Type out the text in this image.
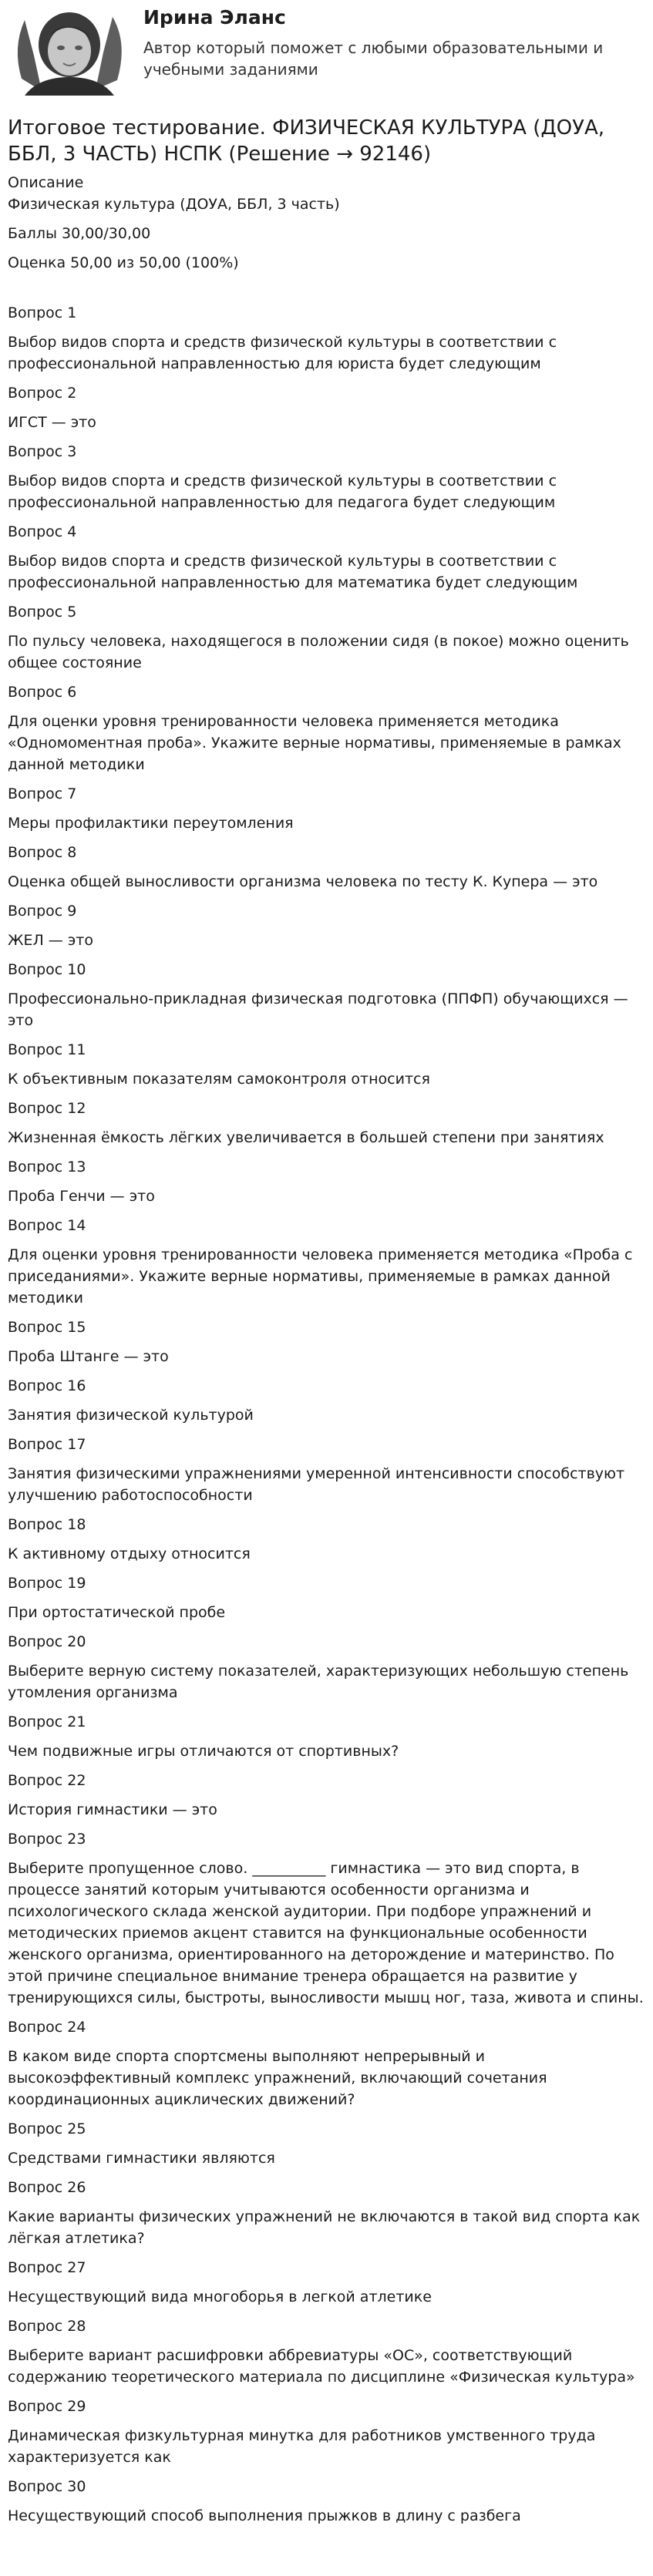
Ирина Эланс
Автор который поможет с любыми образовательными и учебными заданиями
Итоговое тестирование. ФИЗИЧЕСКАЯ КУЛЬТУРА (ДОУА, ББЛ, 3 ЧАСТЬ) НСПК (Решение → 92146)
Описание
Физическая культура (ДОУА, ББЛ, 3 часть)
Баллы 30,00/30,00
Оценка 50,00 из 50,00 (100%)
Вопрос 1
Выбор видов спорта и средств физической культуры в соответствии с профессиональной направленностью для юриста будет следующим
Вопрос 2
ИГСТ — это
Вопрос 3
Выбор видов спорта и средств физической культуры в соответствии с профессиональной направленностью для педагога будет следующим
Вопрос 4
Выбор видов спорта и средств физической культуры в соответствии с профессиональной направленностью для математика будет следующим
Вопрос 5
По пульсу человека, находящегося в положении сидя (в покое) можно оценить общее состояние
Вопрос 6
Для оценки уровня тренированности человека применяется методика «Одномоментная проба». Укажите верные нормативы, применяемые в рамках данной методики
Вопрос 7
Меры профилактики переутомления
Вопрос 8
Оценка общей выносливости организма человека по тесту К. Купера — это
Вопрос 9
ЖЕЛ — это
Вопрос 10
Профессионально-прикладная физическая подготовка (ППФП) обучающихся — это
Вопрос 11
К объективным показателям самоконтроля относится
Вопрос 12
Жизненная ёмкость лёгких увеличивается в большей степени при занятиях
Вопрос 13
Проба Генчи — это
Вопрос 14
Для оценки уровня тренированности человека применяется методика «Проба с приседаниями». Укажите верные нормативы, применяемые в рамках данной методики
Вопрос 15
Проба Штанге — это
Вопрос 16
Занятия физической культурой
Вопрос 17
Занятия физическими упражнениями умеренной интенсивности способствуют улучшению работоспособности
Вопрос 18
К активному отдыху относится
Вопрос 19
При ортостатической пробе
Вопрос 20
Выберите верную систему показателей, характеризующих небольшую степень утомления организма
Вопрос 21
Чем подвижные игры отличаются от спортивных?
Вопрос 22
История гимнастики — это
Вопрос 23
Выберите пропущенное слово. __________ гимнастика — это вид спорта, в процессе занятий которым учитываются особенности организма и психологического склада женской аудитории. При подборе упражнений и методических приемов акцент ставится на функциональные особенности женского организма, ориентированного на деторождение и материнство. По этой причине специальное внимание тренера обращается на развитие у тренирующихся силы, быстроты, выносливости мышц ног, таза, живота и спины.
Вопрос 24
В каком виде спорта спортсмены выполняют непрерывный и высокоэффективный комплекс упражнений, включающий сочетания координационных ациклических движений?
Вопрос 25
Средствами гимнастики являются
Вопрос 26
Какие варианты физических упражнений не включаются в такой вид спорта как лёгкая атлетика?
Вопрос 27
Несуществующий вида многоборья в легкой атлетике
Вопрос 28
Выберите вариант расшифровки аббревиатуры «ОС», соответствующий содержанию теоретического материала по дисциплине «Физическая культура»
Вопрос 29
Динамическая физкультурная минутка для работников умственного труда характеризуется как
Вопрос 30
Несуществующий способ выполнения прыжков в длину с разбега
